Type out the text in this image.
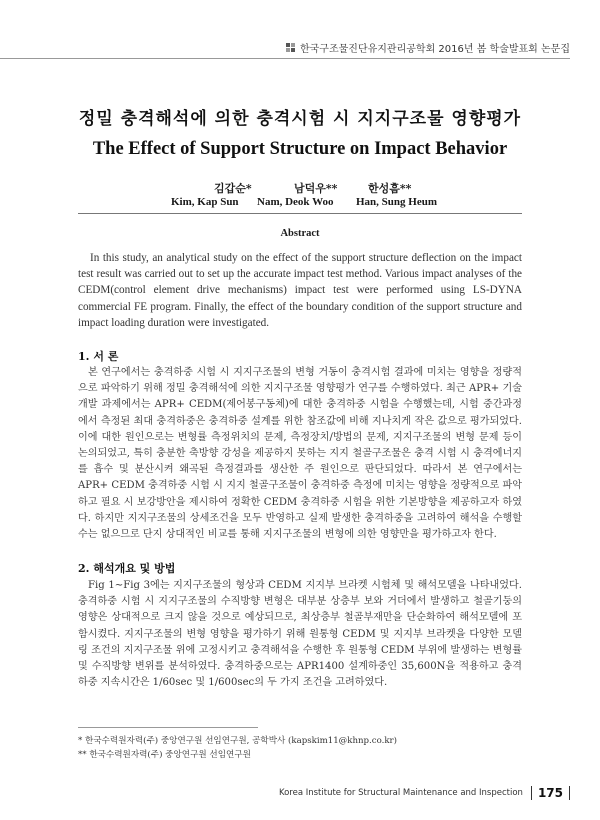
한국구조물진단유지관리공학회 2016년 봄 학술발표회 논문집
정밀 충격해석에 의한 충격시험 시 지지구조물 영향평가
The Effect of Support Structure on Impact Behavior
김갑순*	남덕우**	한성흠**
Kim, Kap Sun Nam, Deok Woo Han, Sung Heum
Abstract

In this study, an analytical study on the effect of the support structure deflection on the impact test result was carried out to set up the accurate impact test method. Various impact analyses of the CEDM(control element drive mechanisms) impact test were performed using LS-DYNA commercial FE program. Finally, the effect of the boundary condition of the support structure and impact loading duration were investigated.

1. 서 론

본 연구에서는 충격하중 시험 시 지지구조물의 변형 거동이 충격시험 결과에 미치는 영향을 정량적으로 파악하기 위해 정밀 충격해석에 의한 지지구조물 영향평가 연구를 수행하였다. 최근 APR+ 기술개발 과제에서는 APR+ CEDM(제어봉구동체)에 대한 충격하중 시험을 수행했는데, 시험 중간과정에서 측정된 최대 충격하중은 충격하중 설계를 위한 참조값에 비해 지나치게 작은 값으로 평가되었다. 이에 대한 원인으로는 변형률 측정위치의 문제, 측정장치/방법의 문제, 지지구조물의 변형 문제 등이 논의되었고, 특히 충분한 축방향 강성을 제공하지 못하는 지지 철골구조물은 충격 시험 시 충격에너지를 흡수 및 분산시켜 왜곡된 측정결과를 생산한 주 원인으로 판단되었다. 따라서 본 연구에서는 APR+ CEDM 충격하중 시험 시 지지 철골구조물이 충격하중 측정에 미치는 영향을 정량적으로 파악하고 필요 시 보강방안을 제시하여 정확한 CEDM 충격하중 시험을 위한 기본방향을 제공하고자 하였다. 하지만 지지구조물의 상세조건을 모두 반영하고 실제 발생한 충격하중을 고려하여 해석을 수행할 수는 없으므로 단지 상대적인 비교를 통해 지지구조물의 변형에 의한 영향만을 평가하고자 한다.

2. 해석개요 및 방법

Fig 1∼Fig 3에는 지지구조물의 형상과 CEDM 지지부 브라켓 시험체 및 해석모델을 나타내었다. 충격하중 시험 시 지지구조물의 수직방향 변형은 대부분 상층부 보와 거더에서 발생하고 철골기둥의 영향은 상대적으로 크지 않을 것으로 예상되므로, 최상층부 철골부재만을 단순화하여 해석모델에 포함시켰다. 지지구조물의 변형 영향을 평가하기 위해 원통형 CEDM 및 지지부 브라켓을 다양한 모델링 조건의 지지구조물 위에 고정시키고 충격해석을 수행한 후 원통형 CEDM 부위에 발생하는 변형률 및 수직방향 변위를 분석하였다. 충격하중으로는 APR1400 설계하중인 35,600N을 적용하고 충격하중 지속시간은 1/60sec 및 1/600sec의 두 가지 조건을 고려하였다.

* 한국수력원자력(주) 중앙연구원 선임연구원, 공학박사 (kapskim11@khnp.co.kr)
** 한국수력원자력(주) 중앙연구원 선임연구원
Korea Institute for Structural Maintenance and Inspection 175
